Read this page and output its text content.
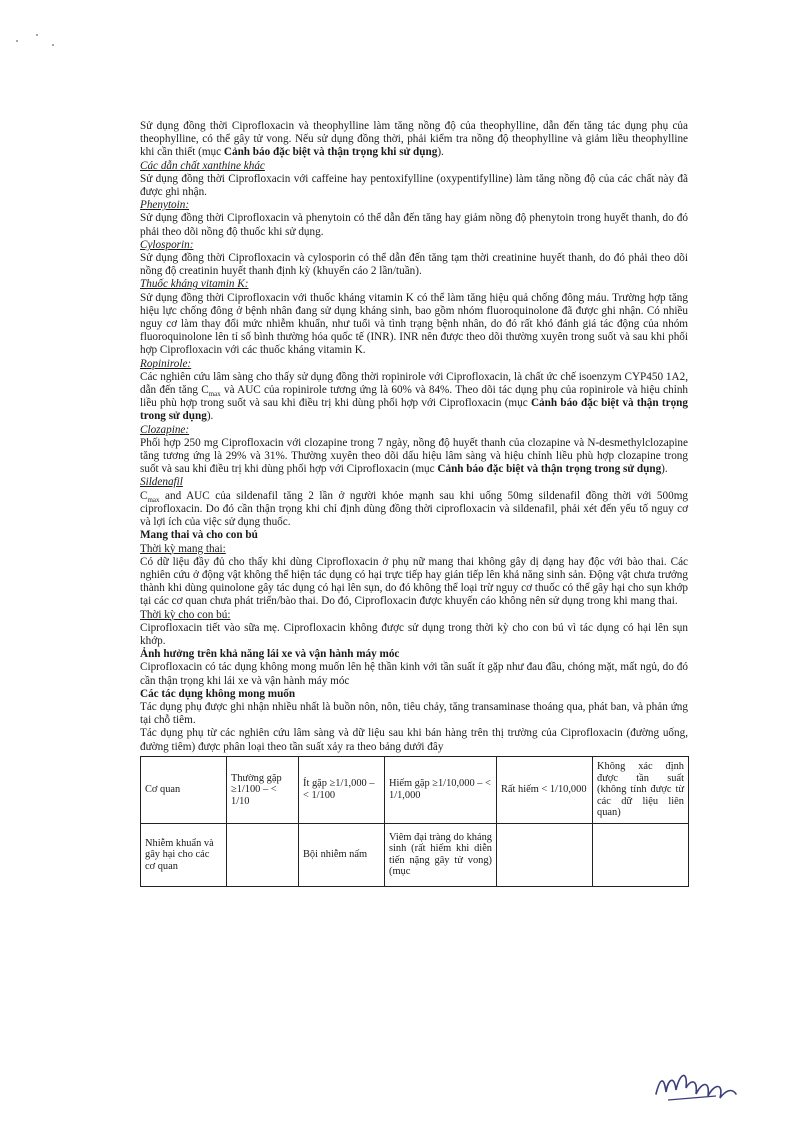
Sử dụng đồng thời Ciprofloxacin và theophylline làm tăng nồng độ của theophylline, dẫn đến tăng tác dụng phụ của theophylline, có thể gây tử vong. Nếu sử dụng đồng thời, phải kiểm tra nồng độ theophylline và giảm liều theophylline khi cần thiết (mục Cảnh báo đặc biệt và thận trọng khi sử dụng).

Các dẫn chất xanthine khác

Sử dụng đồng thời Ciprofloxacin với caffeine hay pentoxifylline (oxypentifylline) làm tăng nồng độ của các chất này đã được ghi nhận.

Phenytoin:

Sử dụng đồng thời Ciprofloxacin và phenytoin có thể dẫn đến tăng hay giảm nồng độ phenytoin trong huyết thanh, do đó phải theo dõi nồng độ thuốc khi sử dụng.

Cylosporin:

Sử dụng đồng thời Ciprofloxacin và cylosporin có thể dẫn đến tăng tạm thời creatinine huyết thanh, do đó phải theo dõi nồng độ creatinin huyết thanh định kỳ (khuyến cáo 2 lần/tuần).

Thuốc kháng vitamin K:

Sử dụng đồng thời Ciprofloxacin với thuốc kháng vitamin K có thể làm tăng hiệu quả chống đông máu. Trường hợp tăng hiệu lực chống đông ở bệnh nhân đang sử dụng kháng sinh, bao gồm nhóm fluoroquinolone đã được ghi nhận. Có nhiều nguy cơ làm thay đổi mức nhiễm khuẩn, như tuổi và tình trạng bệnh nhân, do đó rất khó đánh giá tác động của nhóm fluoroquinolone lên tỉ số bình thường hóa quốc tế (INR). INR nên được theo dõi thường xuyên trong suốt và sau khi phối hợp Ciprofloxacin với các thuốc kháng vitamin K.

Ropinirole:

Các nghiên cứu lâm sàng cho thấy sử dụng đồng thời ropinirole với Ciprofloxacin, là chất ức chế isoenzym CYP450 1A2, dẫn đến tăng $C_{max}$ và AUC của ropinirole tương ứng là 60% và 84%. Theo dõi tác dụng phụ của ropinirole và hiệu chỉnh liều phù hợp trong suốt và sau khi điều trị khi dùng phối hợp với Ciprofloxacin (mục Cảnh báo đặc biệt và thận trọng trong sử dụng).

Clozapine:

Phối hợp 250 mg Ciprofloxacin với clozapine trong 7 ngày, nồng độ huyết thanh của clozapine và N-desmethylclozapine tăng tương ứng là 29% và 31%. Thường xuyên theo dõi dấu hiệu lâm sàng và hiệu chỉnh liều phù hợp clozapine trong suốt và sau khi điều trị khi dùng phối hợp với Ciprofloxacin (mục Cảnh báo đặc biệt và thận trọng trong sử dụng).

Sildenafil

$C_{max}$ and AUC của sildenafil tăng 2 lần ở người khỏe mạnh sau khi uống 50mg sildenafil đồng thời với 500mg ciprofloxacin. Do đó cần thận trọng khi chỉ định dùng đồng thời ciprofloxacin và sildenafil, phải xét đến yếu tố nguy cơ và lợi ích của việc sử dụng thuốc.

Mang thai và cho con bú

Thời kỳ mang thai:

Có dữ liệu đầy đủ cho thấy khi dùng Ciprofloxacin ở phụ nữ mang thai không gây dị dạng hay độc với bào thai. Các nghiên cứu ở động vật không thể hiện tác dụng có hại trực tiếp hay gián tiếp lên khả năng sinh sản. Động vật chưa trưởng thành khi dùng quinolone gây tác dụng có hại lên sụn, do đó không thể loại trừ nguy cơ thuốc có thể gây hại cho sụn khớp tại các cơ quan chưa phát triển/bào thai. Do đó, Ciprofloxacin được khuyến cáo không nên sử dụng trong khi mang thai.

Thời kỳ cho con bú:

Ciprofloxacin tiết vào sữa mẹ. Ciprofloxacin không được sử dụng trong thời kỳ cho con bú vì tác dụng có hại lên sụn khớp.

Ảnh hưởng trên khả năng lái xe và vận hành máy móc

Ciprofloxacin có tác dụng không mong muốn lên hệ thần kinh với tần suất ít gặp như đau đầu, chóng mặt, mất ngủ, do đó cần thận trọng khi lái xe và vận hành máy móc

Các tác dụng không mong muốn

Tác dụng phụ được ghi nhận nhiều nhất là buồn nôn, nôn, tiêu chảy, tăng transaminase thoáng qua, phát ban, và phản ứng tại chỗ tiêm.

Tác dụng phụ từ các nghiên cứu lâm sàng và dữ liệu sau khi bán hàng trên thị trường của Ciprofloxacin (đường uống, đường tiêm) được phân loại theo tần suất xảy ra theo bảng dưới đây

Cơ quan	Thường gặp ≥1/100 – < 1/10	Ít gặp ≥1/1,000 – < 1/100	Hiếm gặp ≥1/10,000 – < 1/1,000	Rất hiếm < 1/10,000	Không xác định được tần suất (không tính được từ các dữ liệu liên quan)
Nhiễm khuẩn và gây hại cho các cơ quan		Bội nhiễm nấm	Viêm đại tràng do kháng sinh (rất hiếm khi diễn tiến nặng gây tử vong) (mục		
